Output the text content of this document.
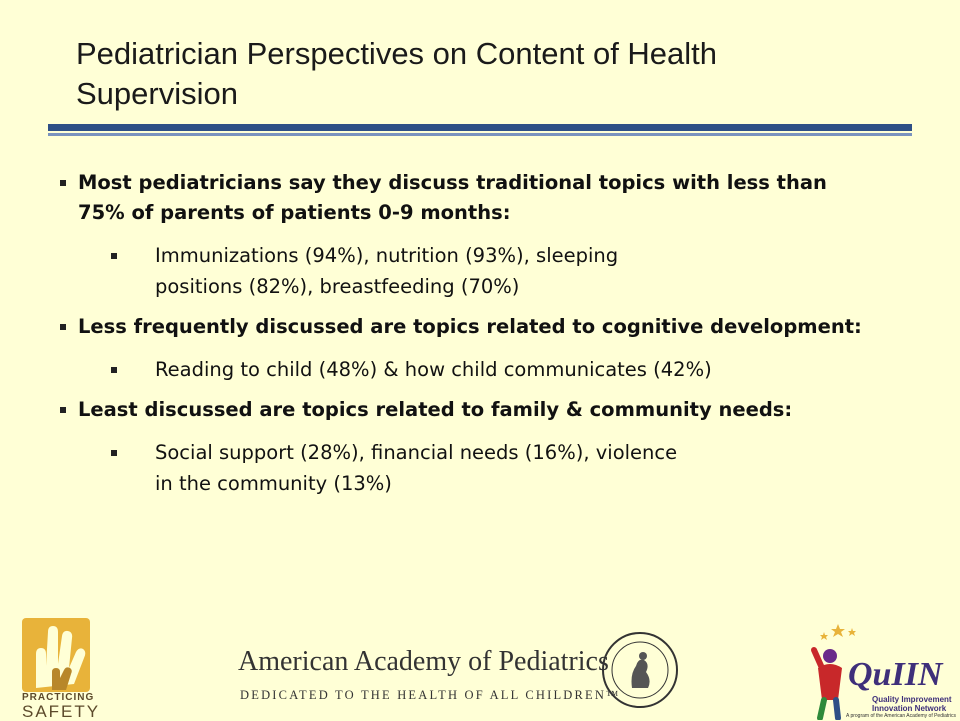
Pediatrician Perspectives on Content of Health Supervision
Most pediatricians say they discuss traditional topics with less than 75% of parents of patients 0-9 months:
Immunizations (94%), nutrition (93%), sleeping positions (82%), breastfeeding (70%)
Less frequently discussed are topics related to cognitive development:
Reading to child (48%) & how child communicates (42%)
Least discussed are topics related to family & community needs:
Social support (28%), financial needs (16%), violence in the community (13%)
PRACTICING
SAFETY
American Academy of Pediatrics
DEDICATED TO THE HEALTH OF ALL CHILDREN™
QuIIN
Quality Improvement
Innovation Network
A program of the American Academy of Pediatrics
